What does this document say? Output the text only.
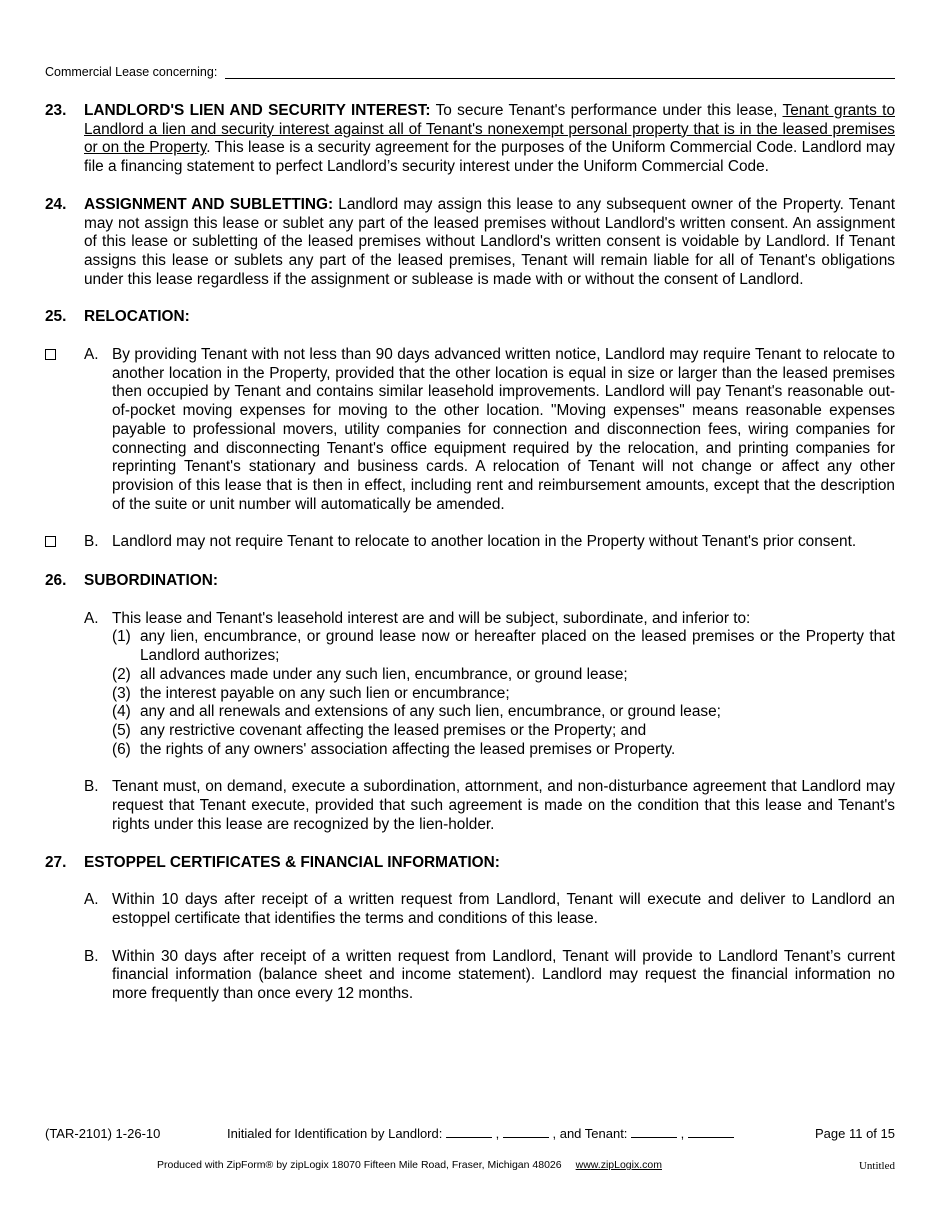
Commercial Lease concerning:
23.	LANDLORD'S LIEN AND SECURITY INTEREST: To secure Tenant's performance under this lease, Tenant grants to Landlord a lien and security interest against all of Tenant's nonexempt personal property that is in the leased premises or on the Property. This lease is a security agreement for the purposes of the Uniform Commercial Code. Landlord may file a financing statement to perfect Landlord’s security interest under the Uniform Commercial Code.
24.	ASSIGNMENT AND SUBLETTING: Landlord may assign this lease to any subsequent owner of the Property. Tenant may not assign this lease or sublet any part of the leased premises without Landlord's written consent. An assignment of this lease or subletting of the leased premises without Landlord's written consent is voidable by Landlord. If Tenant assigns this lease or sublets any part of the leased premises, Tenant will remain liable for all of Tenant's obligations under this lease regardless if the assignment or sublease is made with or without the consent of Landlord.
25.	RELOCATION:
A. By providing Tenant with not less than 90 days advanced written notice, Landlord may require Tenant to relocate to another location in the Property, provided that the other location is equal in size or larger than the leased premises then occupied by Tenant and contains similar leasehold improvements. Landlord will pay Tenant's reasonable out-of-pocket moving expenses for moving to the other location. "Moving expenses" means reasonable expenses payable to professional movers, utility companies for connection and disconnection fees, wiring companies for connecting and disconnecting Tenant's office equipment required by the relocation, and printing companies for reprinting Tenant's stationary and business cards. A relocation of Tenant will not change or affect any other provision of this lease that is then in effect, including rent and reimbursement amounts, except that the description of the suite or unit number will automatically be amended.
B. Landlord may not require Tenant to relocate to another location in the Property without Tenant's prior consent.
26.	SUBORDINATION:
A. This lease and Tenant's leasehold interest are and will be subject, subordinate, and inferior to:
(1) any lien, encumbrance, or ground lease now or hereafter placed on the leased premises or the Property that Landlord authorizes;
(2) all advances made under any such lien, encumbrance, or ground lease;
(3) the interest payable on any such lien or encumbrance;
(4) any and all renewals and extensions of any such lien, encumbrance, or ground lease;
(5) any restrictive covenant affecting the leased premises or the Property; and
(6) the rights of any owners' association affecting the leased premises or Property.
B. Tenant must, on demand, execute a subordination, attornment, and non-disturbance agreement that Landlord may request that Tenant execute, provided that such agreement is made on the condition that this lease and Tenant's rights under this lease are recognized by the lien-holder.
27.	ESTOPPEL CERTIFICATES & FINANCIAL INFORMATION:
A. Within 10 days after receipt of a written request from Landlord, Tenant will execute and deliver to Landlord an estoppel certificate that identifies the terms and conditions of this lease.
B. Within 30 days after receipt of a written request from Landlord, Tenant will provide to Landlord Tenant’s current financial information (balance sheet and income statement). Landlord may request the financial information no more frequently than once every 12 months.
(TAR-2101) 1-26-10	Initialed for Identification by Landlord:	,	, and Tenant:	,	Page 11 of 15
Produced with ZipForm® by zipLogix 18070 Fifteen Mile Road, Fraser, Michigan 48026 www.zipLogix.com	Untitled
